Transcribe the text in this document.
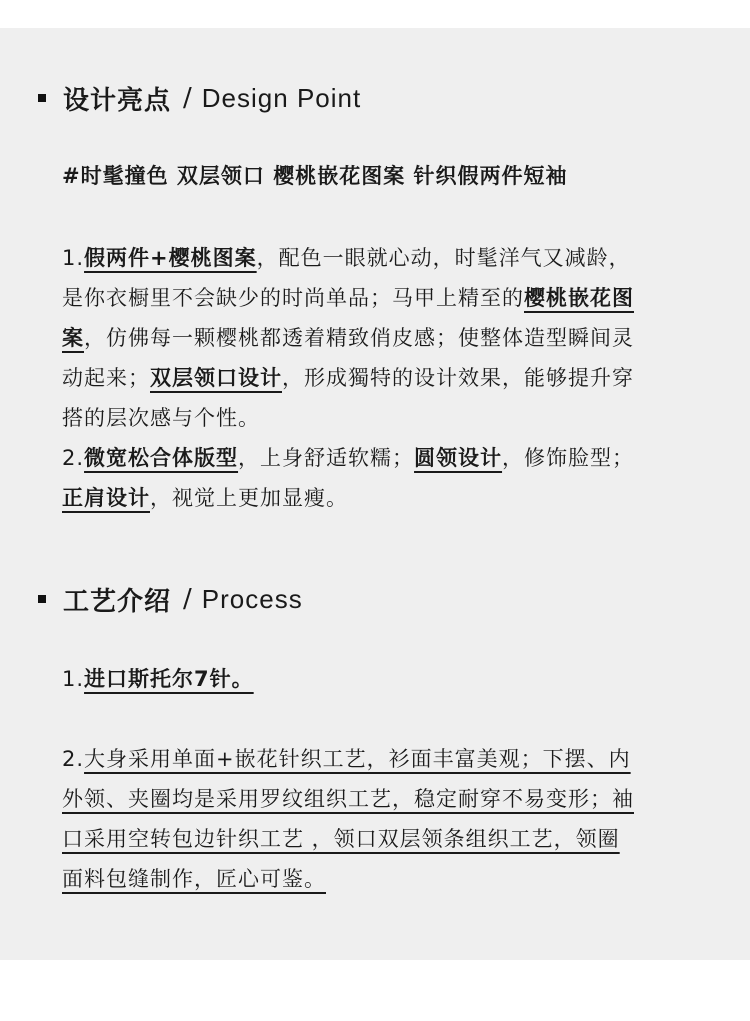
设计亮点 / Design Point
#时髦撞色 双层领口 樱桃嵌花图案 针织假两件短袖
1.假两件+樱桃图案，配色一眼就心动，时髦洋气又减龄，
是你衣橱里不会缺少的时尚单品；马甲上精至的樱桃嵌花图
案，仿佛每一颗樱桃都透着精致俏皮感；使整体造型瞬间灵
动起来；双层领口设计，形成獨特的设计效果，能够提升穿
搭的层次感与个性。
2.微宽松合体版型，上身舒适软糯；圆领设计，修饰脸型；
正肩设计，视觉上更加显瘦。
工艺介绍 / Process
1.进口斯托尔7针。
2.大身采用单面+嵌花针织工艺，衫面丰富美观；下摆、内
外领、夹圈均是采用罗纹组织工艺，稳定耐穿不易变形；袖
口采用空转包边针织工艺 ，领口双层领条组织工艺，领圈
面料包缝制作，匠心可鉴。
